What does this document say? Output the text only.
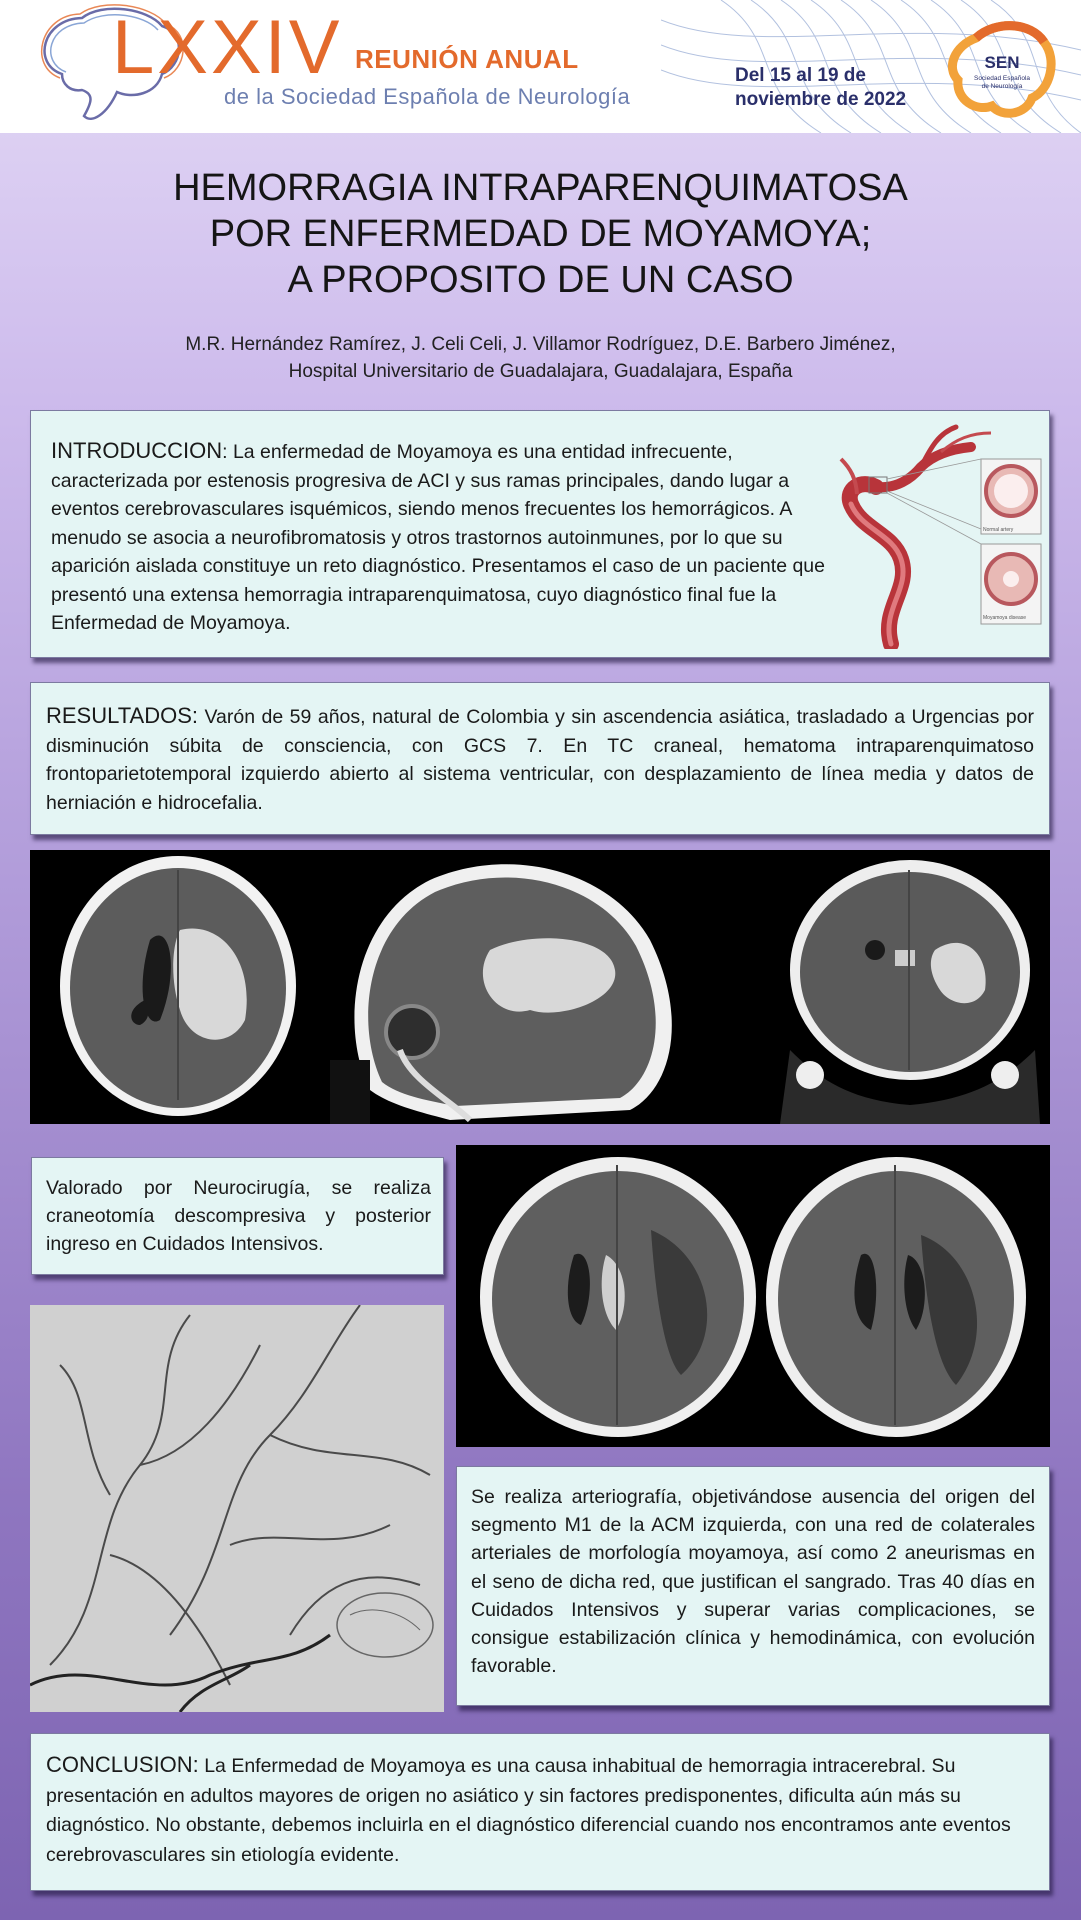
LXXIV REUNIÓN ANUAL
de la Sociedad Española de Neurología
Del 15 al 19 de
noviembre de 2022
SEN
Sociedad Española
de Neurología
HEMORRAGIA INTRAPARENQUIMATOSA
POR ENFERMEDAD DE MOYAMOYA;
A PROPOSITO DE UN CASO
M.R. Hernández Ramírez, J. Celi Celi, J. Villamor Rodríguez, D.E. Barbero Jiménez,
Hospital Universitario de Guadalajara, Guadalajara, España

INTRODUCCION: La enfermedad de Moyamoya es una entidad infrecuente, caracterizada por estenosis progresiva de ACI y sus ramas principales, dando lugar a eventos cerebrovasculares isquémicos, siendo menos frecuentes los hemorrágicos. A menudo se asocia a neurofibromatosis y otros trastornos autoinmunes, por lo que su aparición aislada constituye un reto diagnóstico. Presentamos el caso de un paciente que presentó una extensa hemorragia intraparenquimatosa, cuyo diagnóstico final fue la Enfermedad de Moyamoya.

Normal artery
Moyamoya disease

RESULTADOS: Varón de 59 años, natural de Colombia y sin ascendencia asiática, trasladado a Urgencias por disminución súbita de consciencia, con GCS 7. En TC craneal, hematoma intraparenquimatoso frontoparietotemporal izquierdo abierto al sistema ventricular, con desplazamiento de línea media y datos de herniación e hidrocefalia.

Valorado por Neurocirugía, se realiza craneotomía descompresiva y posterior ingreso en Cuidados Intensivos.

Se realiza arteriografía, objetivándose ausencia del origen del segmento M1 de la ACM izquierda, con una red de colaterales arteriales de morfología moyamoya, así como 2 aneurismas en el seno de dicha red, que justifican el sangrado. Tras 40 días en Cuidados Intensivos y superar varias complicaciones, se consigue estabilización clínica y hemodinámica, con evolución favorable.

CONCLUSION: La Enfermedad de Moyamoya es una causa inhabitual de hemorragia intracerebral. Su presentación en adultos mayores de origen no asiático y sin factores predisponentes, dificulta aún más su diagnóstico. No obstante, debemos incluirla en el diagnóstico diferencial cuando nos encontramos ante eventos cerebrovasculares sin etiología evidente.
